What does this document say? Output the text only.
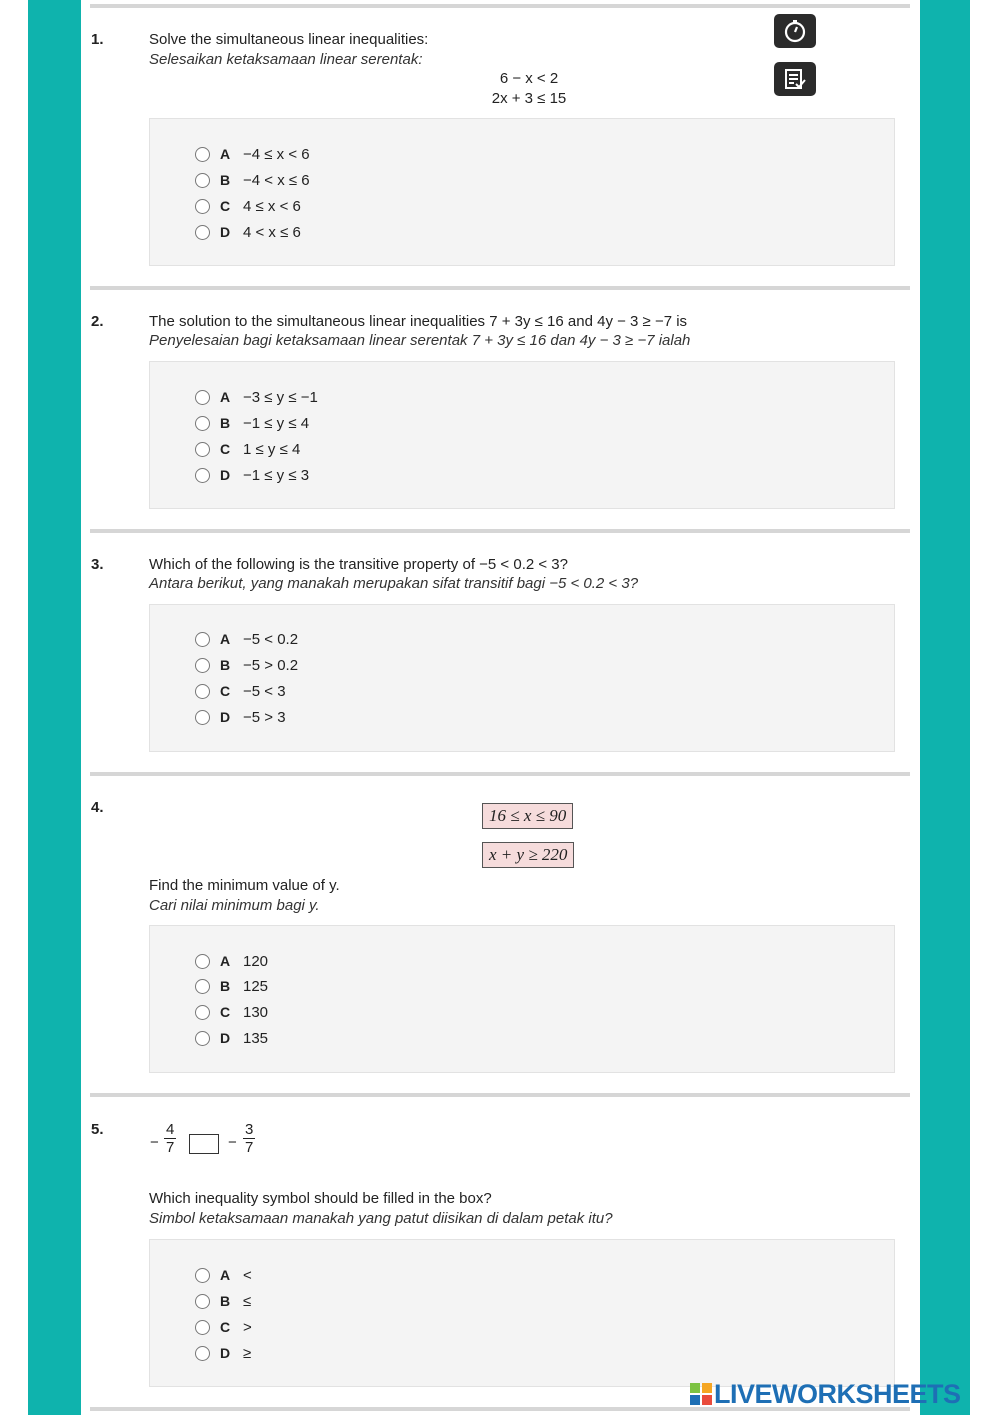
1.	Solve the simultaneous linear inequalities:
Selesaikan ketaksamaan linear serentak:
6 − x < 2
2x + 3 ≤ 15
A −4 ≤ x < 6
B −4 < x ≤ 6
C 4 ≤ x < 6
D 4 < x ≤ 6
2.	The solution to the simultaneous linear inequalities 7 + 3y ≤ 16 and 4y − 3 ≥ −7 is
Penyelesaian bagi ketaksamaan linear serentak 7 + 3y ≤ 16 dan 4y − 3 ≥ −7 ialah
A −3 ≤ y ≤ −1
B −1 ≤ y ≤ 4
C 1 ≤ y ≤ 4
D −1 ≤ y ≤ 3
3.	Which of the following is the transitive property of −5 < 0.2 < 3?
Antara berikut, yang manakah merupakan sifat transitif bagi −5 < 0.2 < 3?
A −5 < 0.2
B −5 > 0.2
C −5 < 3
D −5 > 3
4.	16 ≤ x ≤ 90
x + y ≥ 220
Find the minimum value of y.
Cari nilai minimum bagi y.
A 120
B 125
C 130
D 135
5.
− $\frac{4}{7}$	− $\frac{3}{7}$
Which inequality symbol should be filled in the box?
Simbol ketaksamaan manakah yang patut diisikan di dalam petak itu?
A <
B ≤
C >
D ≥
LIVEWORKSHEETS
